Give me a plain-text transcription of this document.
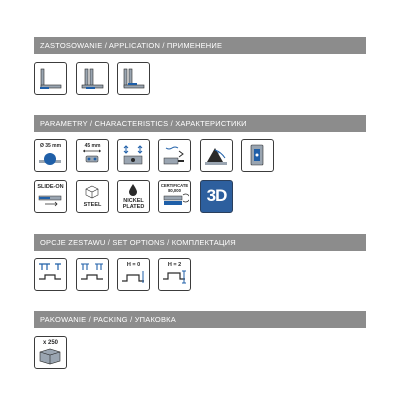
ZASTOSOWANIE / APPLICATION / ПРИМЕНЕНИЕ
PARAMETRY / CHARACTERISTICS / ХАРАКТЕРИСТИКИ
Ø 35 mm	45 mm
SLIDE-ON
STEEL
NICKEL
PLATED
CERTIFICATE
80,000	3D
OPCJE ZESTAWU / SET OPTIONS / КОМПЛЕКТАЦИЯ
H = 0	H = 2
PAKOWANIE / PACKING / УПАКОВКА
x 250
